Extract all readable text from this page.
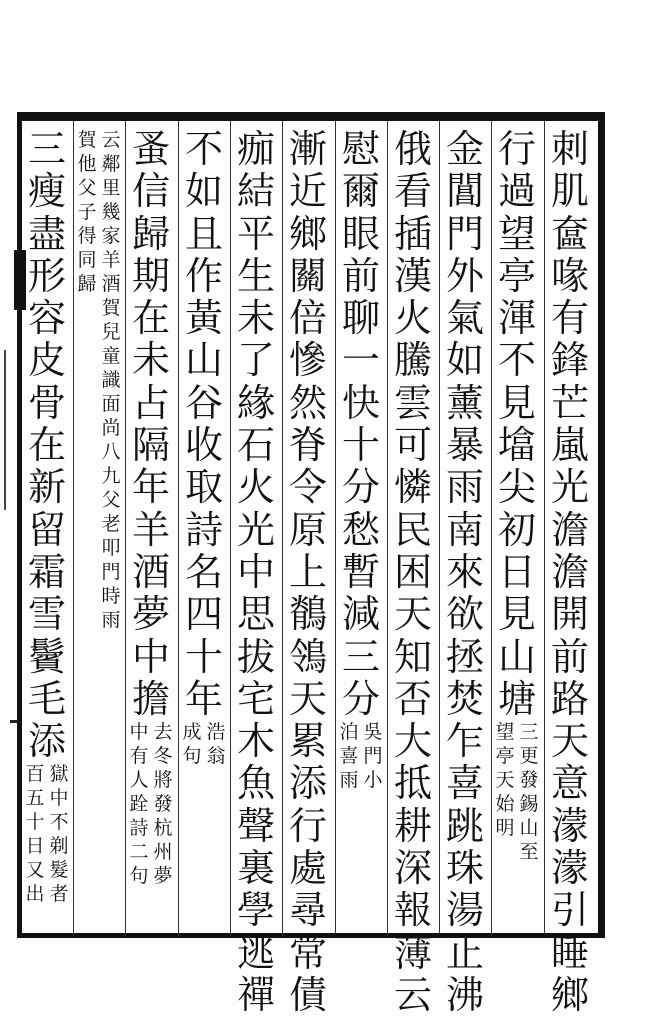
刺
肌
奩
喙
有
鋒
芒
嵐
光
澹
澹
開
前
路
天
意
濛
濛
引
睡
鄉
行
過
望
亭
渾
不
見
墖
尖
初
日
見
山
塘
三
更
發
錫
山
至
望
亭
天
始
明
金
閶
門
外
氣
如
薰
暴
雨
南
來
欲
拯
焚
乍
喜
跳
珠
湯
止
沸
俄
看
插
漢
火
騰
雲
可
憐
民
困
天
知
否
大
抵
耕
深
報
薄
云
慰
爾
眼
前
聊
一
快
十
分
愁
暫
減
三
分
吳
門
小
泊
喜
雨
漸
近
鄉
關
倍
慘
然
脊
令
原
上
鶺
鴒
天
累
添
行
處
尋
常
債
痂
結
平
生
未
了
緣
石
火
光
中
思
拔
宅
木
魚
聲
裏
學
逃
禪
不
如
且
作
黃
山
谷
收
取
詩
名
四
十
年
浩
翁
成
句
蚤
信
歸
期
在
未
占
隔
年
羊
酒
夢
中
擔
去
冬
將
發
杭
州
夢
中
有
人
跧
詩
二
句
云
鄰
里
幾
家
羊
酒
賀
兒
童
識
面
尚
八
九
父
老
叩
門
時
雨
賀
他
父
子
得
同
歸
三
瘦
盡
形
容
皮
骨
在
新
留
霜
雪
鬢
毛
添
獄
中
不
剃
髮
者
百
五
十
日
又
出
